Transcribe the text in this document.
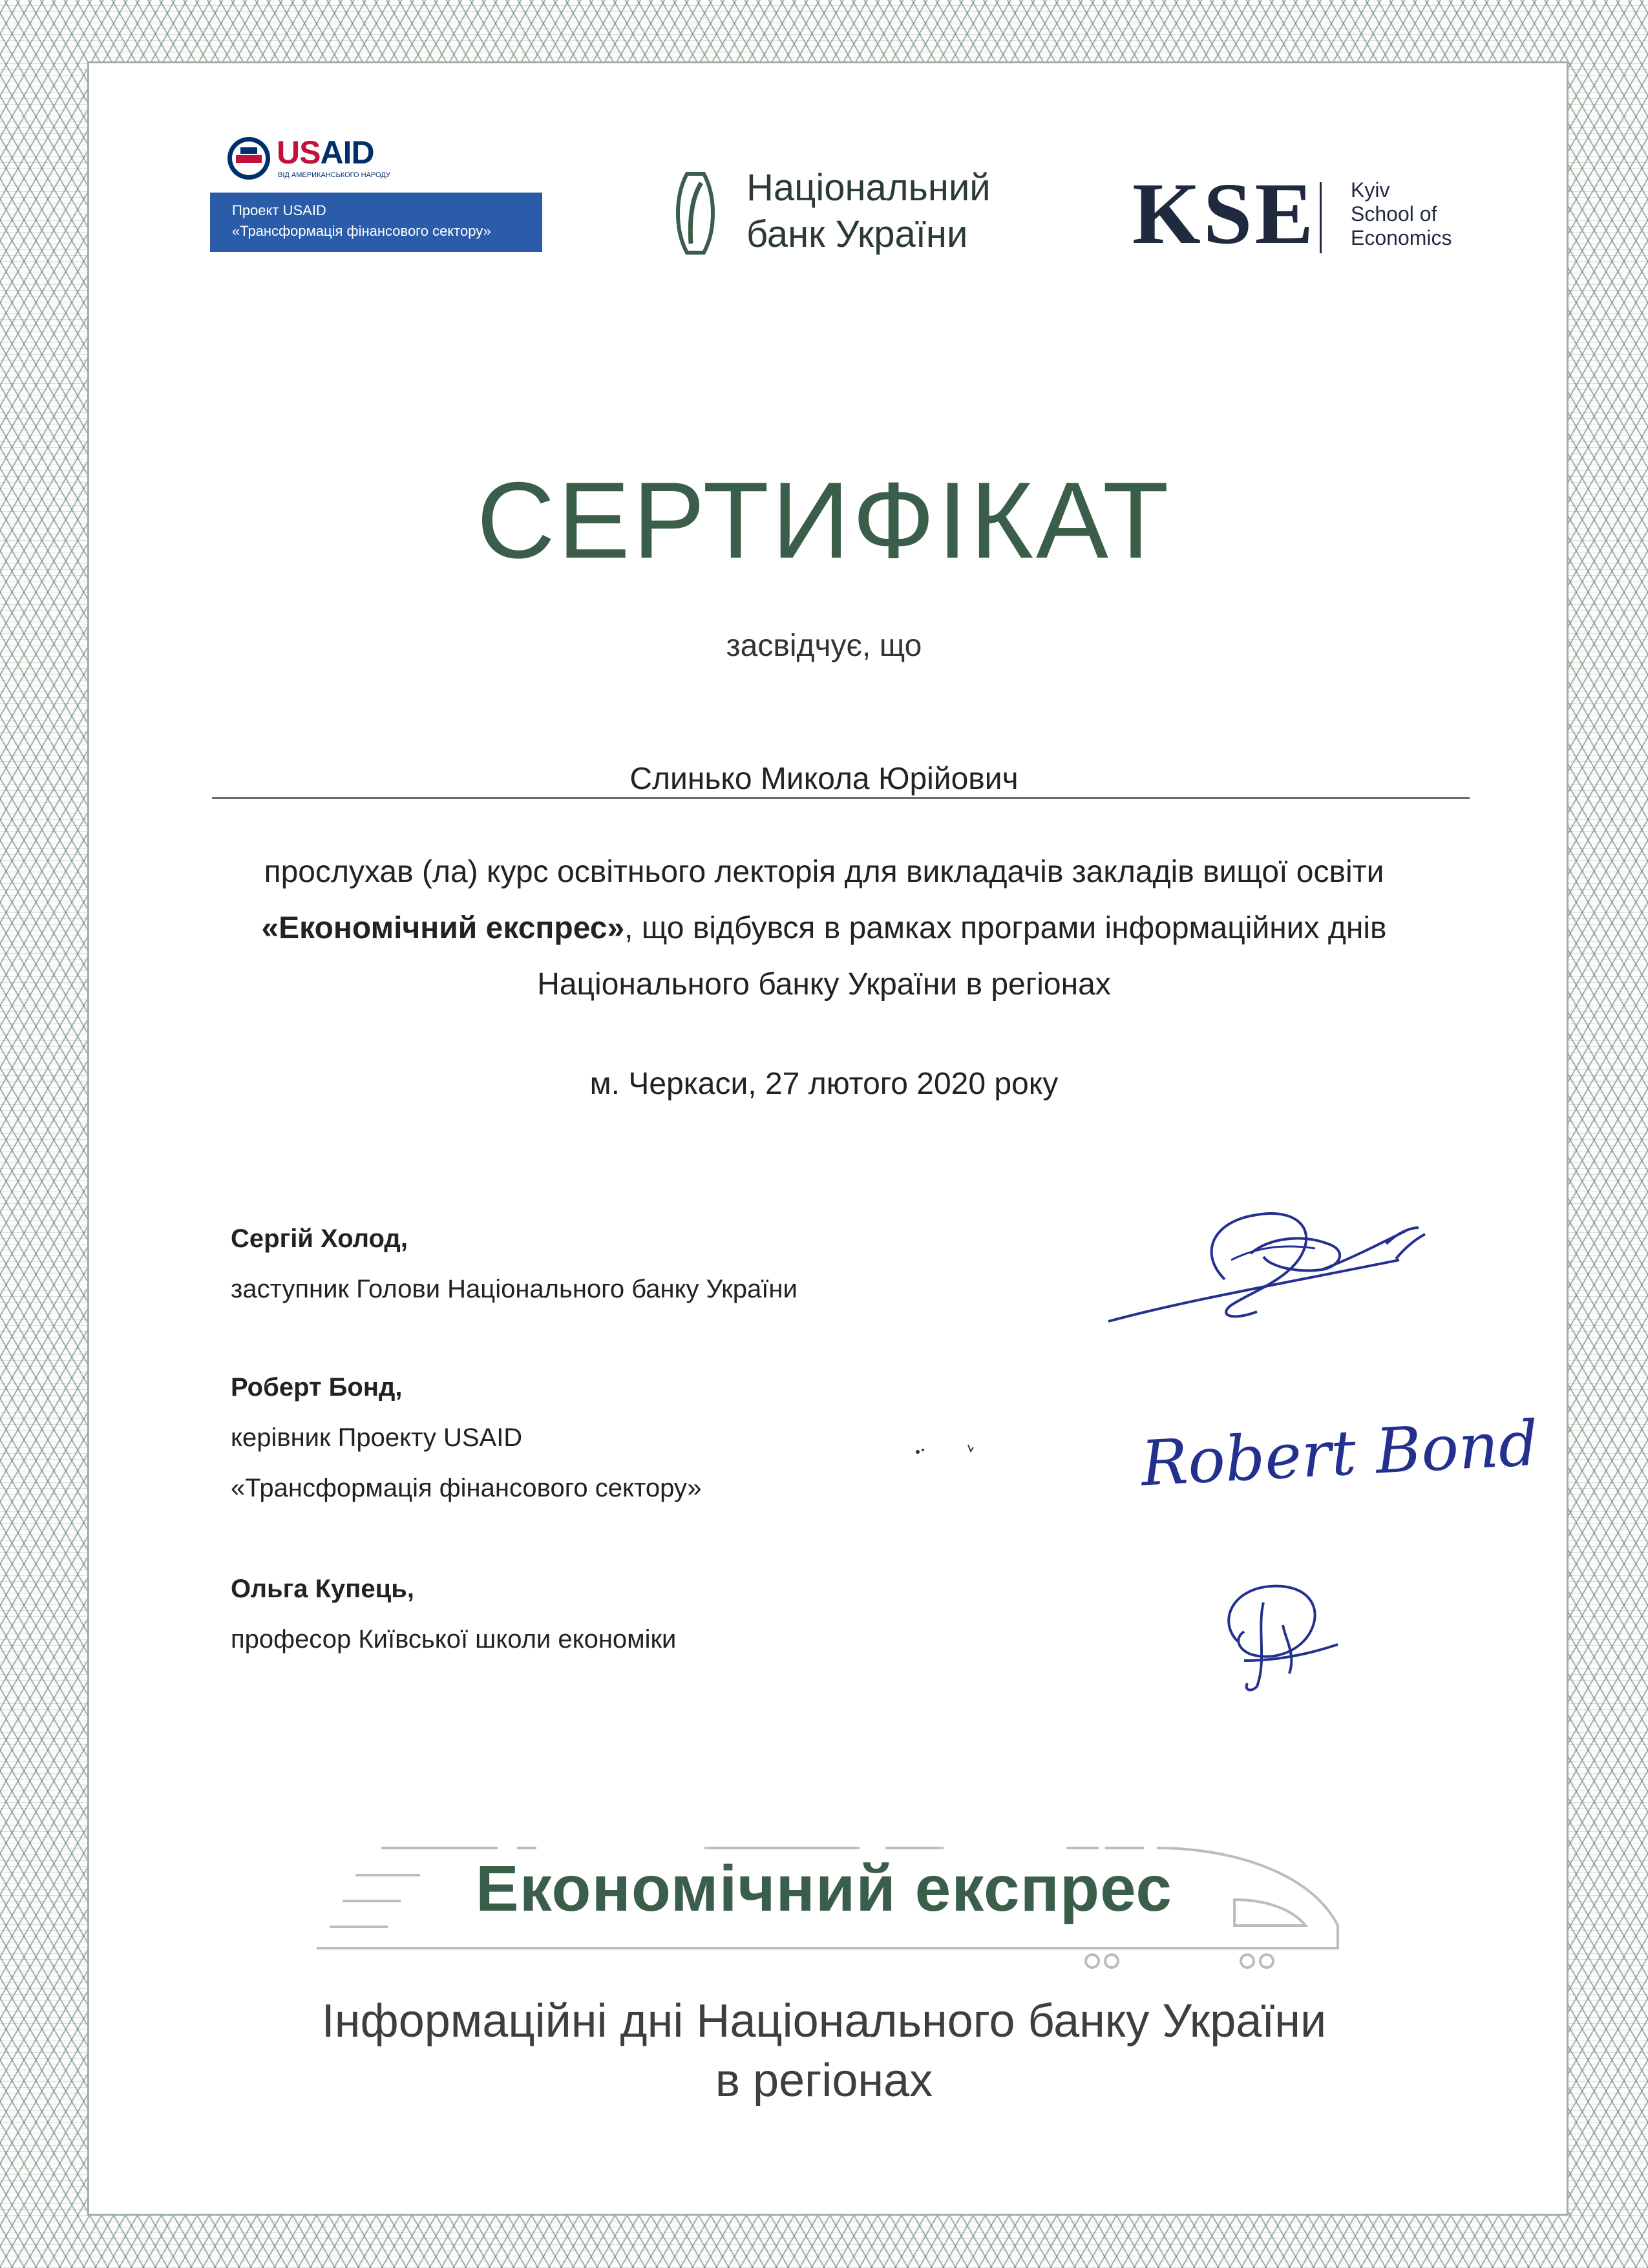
USAID
ВІД АМЕРИКАНСЬКОГО НАРОДУ
Проект USAID
«Трансформація фінансового сектору»
Національний
банк України KSE Kyiv
School of
Economics
СЕРТИФІКАТ
засвідчує, що
Слинько Микола Юрійович
прослухав (ла) курс освітнього лекторія для викладачів закладів вищої освіти
«Економічний експрес», що відбувся в рамках програми інформаційних днів
Національного банку України в регіонах
м. Черкаси, 27 лютого 2020 року
Сергій Холод,
заступник Голови Національного банку України
Роберт Бонд,
керівник Проекту USAID
«Трансформація фінансового сектору»
Ольга Купець,
професор Київської школи економіки
Robert Bond
Економічний експрес
Інформаційні дні Національного банку України
в регіонах
